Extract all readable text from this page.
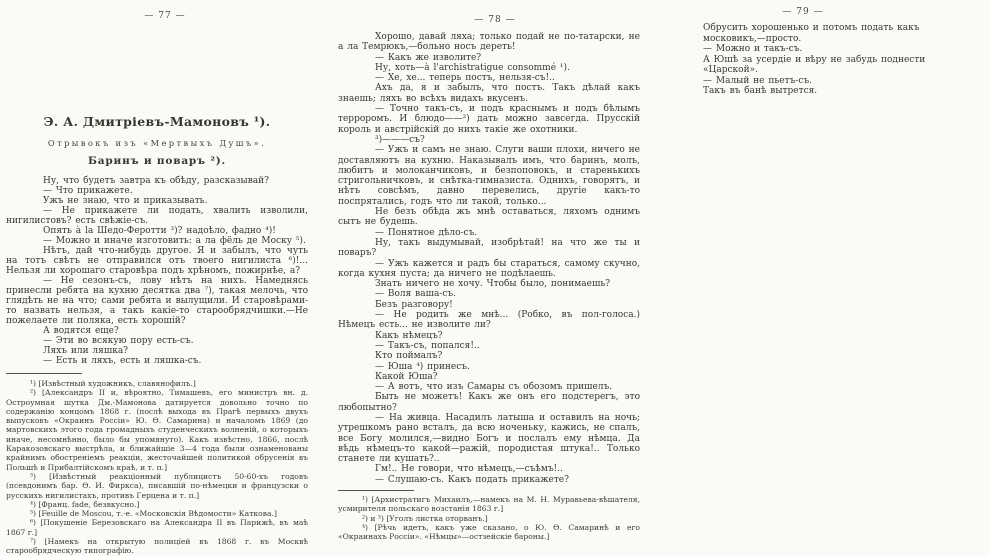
— 77 —
Э. А. Дмитріевъ-Мамоновъ ¹).
Отрывокъ изъ «Мертвыхъ Душъ».
Баринъ и поваръ ²).

Ну, что будетъ завтра къ обѣду, разсказывай?

— Что прикажете.

Ужъ не знаю, что и приказывать.

— Не прикажете ли подать, хвалить изволили, нигилистовъ? есть свѣжіе-съ.

Опять à la Шедо-Феротти ³)? надоѣло, фадно ⁴)!

— Можно и иначе изготовить: а ла фёль де Моску ⁵).

Нѣтъ, дай что-нибудь другое. Я и забылъ, что чуть на тотъ свѣтъ не отправился отъ твоего нигилиста ⁶)!... Нельзя ли хорошаго старовѣра подъ хрѣномъ, пожирнѣе, а?

— Не сезонъ-съ, лову нѣтъ на нихъ. Намеднясь принесли ребята на кухню десятка два ⁷), такая мелочь, что глядѣть не на что; сами ребята и вылущили. И старовѣрами-то назвать нельзя, а такъ какіе-то старообрядчишки.—Не пожелаете ли поляка, есть хорошій?

А водятся еще?

— Эти во всякую пору есть-съ.

Ляхъ или ляшка?

— Есть и ляхъ, есть и ляшка-съ.

¹) [Извѣстный художникъ, славянофилъ.]

²) [Александръ II и, вѣроятно, Тимашевъ, его министръ вн. д. Остроумная шутка Дм.-Мамонова датируется довольно точно по содержанію концомъ 1868 г. (послѣ выхода въ Прагѣ первыхъ двухъ выпусковъ «Окраинъ Россіи» Ю. Ѳ. Самарина) и началомъ 1869 (до мартовскихъ этого года громадныхъ студенческихъ волненій, о которыхъ иначе, несомнѣнно, было бы упомянуто). Какъ извѣстно, 1866, послѣ Каракозовскаго выстрѣла, и ближайшіе 3—4 года были ознаменованы крайнимъ обостреніемъ реакціи, жесточайшей политикой обрусенія въ Польшѣ и Прибалтійскомъ краѣ, и т. п.]

³) [Извѣстный реакціонный публицистъ 50-60-хъ годовъ (псевдонимъ бар. Ѳ. И. Фиркса), писавшій по-нѣмецки и французски о русскихъ нигилистахъ, противъ Герцена и т. п.]

⁴) [Франц. fade, безвкусно.]

⁵) [Feuille de Moscou, т.-е. «Московскія Вѣдомости» Каткова.]

⁶) [Покушеніе Березовскаго на Александра II въ Парижѣ, въ маѣ 1867 г.]

⁷) [Намекъ на открытую полиціей въ 1868 г. въ Москвѣ старообрядческую типографію.

— 78 —

Хорошо, давай ляха; только подай не по-татарски, не а ла Темрюкъ,—больно носъ дереть!

— Какъ же изволите?

Ну, хоть—à l'archistratigue consommé ¹).

— Хе, хе... теперь постъ, нельзя-съ!..

Ахъ да, я и забылъ, что постъ. Такъ дѣлай какъ знаешь; ляхъ во всѣхъ видахъ вкусенъ.

— Точно такъ-съ, и подъ краснымъ и подъ бѣлымъ терроромъ. И блюдо——²) дать можно завсегда. Прусскій король и австрійскій до нихъ такіе же охотники.

³)———съ?

— Ужъ и самъ не знаю. Слуги ваши плохи, ничего не доставляютъ на кухню. Наказывалъ имъ, что баринъ, молъ, любитъ и молоканчиковъ, и безпоповокъ, и старенькихъ стригольничковъ, и снѣтка-гимназиста. Однихъ, говорятъ, и нѣтъ совсѣмъ, давно перевелись, другіе какъ-то поспрятались, годъ что ли такой, только...

Не безъ обѣда жъ мнѣ оставаться, ляхомъ однимъ сытъ не будешь.

— Понятное дѣло-съ.

Ну, такъ выдумывай, изобрѣтай! на что же ты и поваръ?

— Ужъ кажется и радъ бы стараться, самому скучно, когда кухня пуста; да ничего не подѣлаешь.

Знать ничего не хочу. Чтобы было, понимаешь?

— Воля ваша-съ.

Безъ разговору!

— Не родить же мнѣ... (Робко, въ пол-голоса.) Нѣмецъ есть... не изволите ли?

Какъ нѣмецъ?

— Такъ-съ, попался!..

Кто поймалъ?

— Юша ⁴) принесъ.

Какой Юша?

— А вотъ, что изъ Самары съ обозомъ пришелъ.

Быть не можетъ! Какъ же онъ его подстерегъ, это любопытно?

— На живца. Насадилъ латыша и оставилъ на ночь; утрешкомъ рано всталъ, да всю ноченьку, кажись, не спалъ, все Богу молился,—видно Богъ и послалъ ему нѣмца. Да вѣдь нѣмецъ-то какой—ражій, породистая штука!.. Только станете ли кушать?..

Гм!.. Не говори, что нѣмецъ,—съѣмъ!..

— Слушаю-съ. Какъ подать прикажете?

¹) [Архистратигъ Михаилъ,—намекъ на М. Н. Муравьева-вѣшателя, усмирителя польскаго возстанія 1863 г.]

²) и ³) [Уголъ листка оторванъ.]

⁴) [Рѣчь идетъ, какъ уже сказано, о Ю. Ѳ. Самаринѣ и его «Окраинахъ Россіи». «Нѣмцы»—остзейскіе бароны.]

— 79 —

Обрусить хорошенько и потомъ подать какъ московикъ,—просто.

— Можно и такъ-съ.

А Юшѣ за усердіе и вѣру не забудь поднести «Царской».

— Малый не пьетъ-съ.

Такъ въ банѣ вытрется.
